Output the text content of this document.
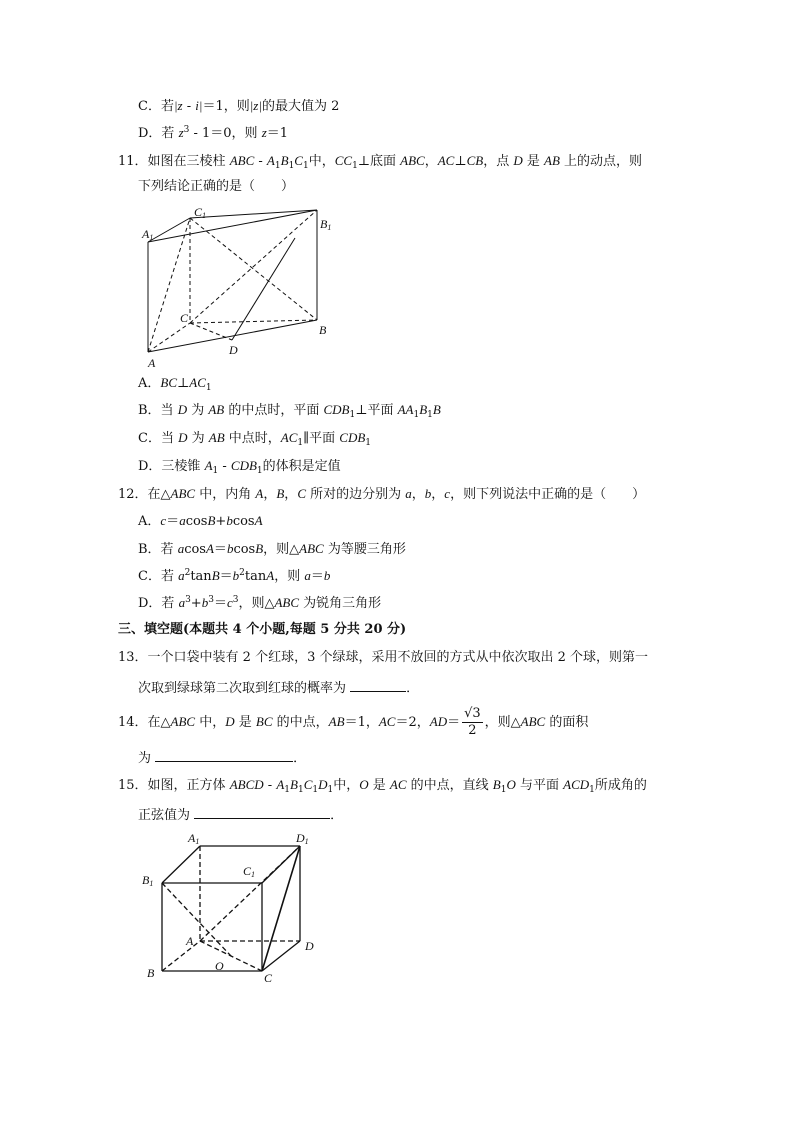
C．若|z - i|＝1，则|z|的最大值为 2
D．若 $z^3 - 1=0$，则 z＝1
11．如图在三棱柱 ABC - $A_1B_1C_1$中，$CC_1\perp$底面 ABC，AC⊥CB，点 D 是 AB 上的动点，则
下列结论正确的是（　　）
A1
C1
B1
C
B
D
A
A．$BC\perp AC_1$
B．当 D 为 AB 的中点时，平面 $CDB_1\perp$平面 $AA_1B_1B$
C．当 D 为 AB 中点时，$AC_1\parallel$平面 $CDB_1$
D．三棱锥 $A_1 - CDB_1$的体积是定值
12．在△ABC 中，内角 A，B，C 所对的边分别为 a，b，c，则下列说法中正确的是（　　）
A．c＝acosB+bcosA
B．若 acosA＝bcosB，则△ABC 为等腰三角形
C．若 $a^2\tan B=b^2\tan A$，则 a＝b
D．若 $a^3+b^3=c^3$，则△ABC 为锐角三角形
三、填空题(本题共 4 个小题,每题 5 分共 20 分)
13．一个口袋中装有 2 个红球，3 个绿球，采用不放回的方式从中依次取出 2 个球，则第一
次取到绿球第二次取到红球的概率为	．
14．在△ABC 中，D 是 BC 的中点，AB＝1，AC＝2，$AD= \frac{√3}{2}$ ，则△ABC 的面积
为	．
15．如图，正方体 ABCD - $A_1B_1C_1D_1$中，O 是 AC 的中点，直线 $B_1O$ 与平面 $ACD_1$所成角的
正弦值为	．
A1	D1
B1
C1
A	D
B	O
C
